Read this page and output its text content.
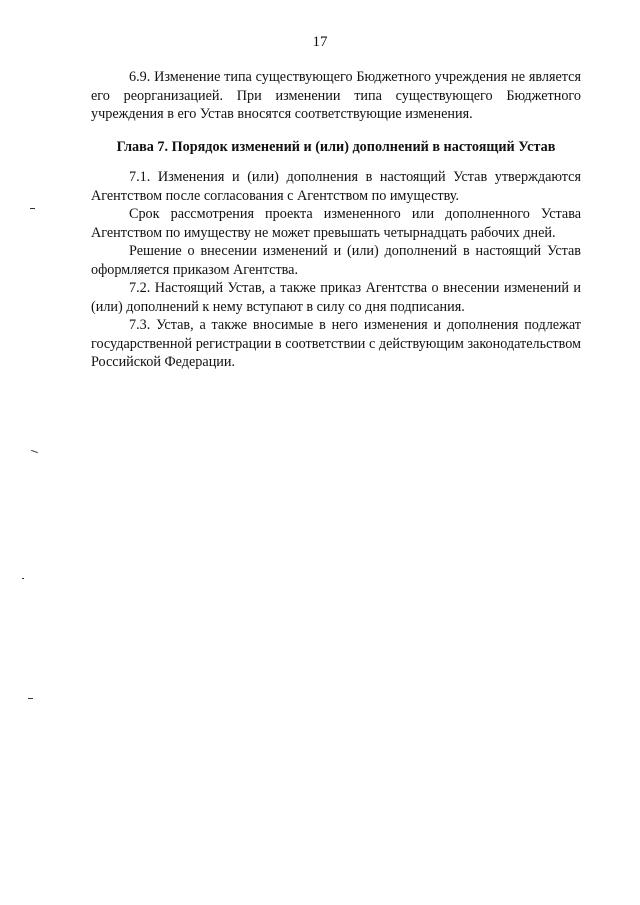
17

6.9. Изменение типа существующего Бюджетного учреждения не является его реорганизацией. При изменении типа существующего Бюджетного учреждения в его Устав вносятся соответствующие изменения.

Глава 7. Порядок изменений и (или) дополнений в настоящий Устав

7.1. Изменения и (или) дополнения в настоящий Устав утверждаются Агентством после согласования с Агентством по имуществу.

Срок рассмотрения проекта измененного или дополненного Устава Агентством по имуществу не может превышать четырнадцать рабочих дней.

Решение о внесении изменений и (или) дополнений в настоящий Устав оформляется приказом Агентства.

7.2. Настоящий Устав, а также приказ Агентства о внесении изменений и (или) дополнений к нему вступают в силу со дня подписания.

7.3. Устав, а также вносимые в него изменения и дополнения подлежат государственной регистрации в соответствии с действующим законодательством Российской Федерации.
